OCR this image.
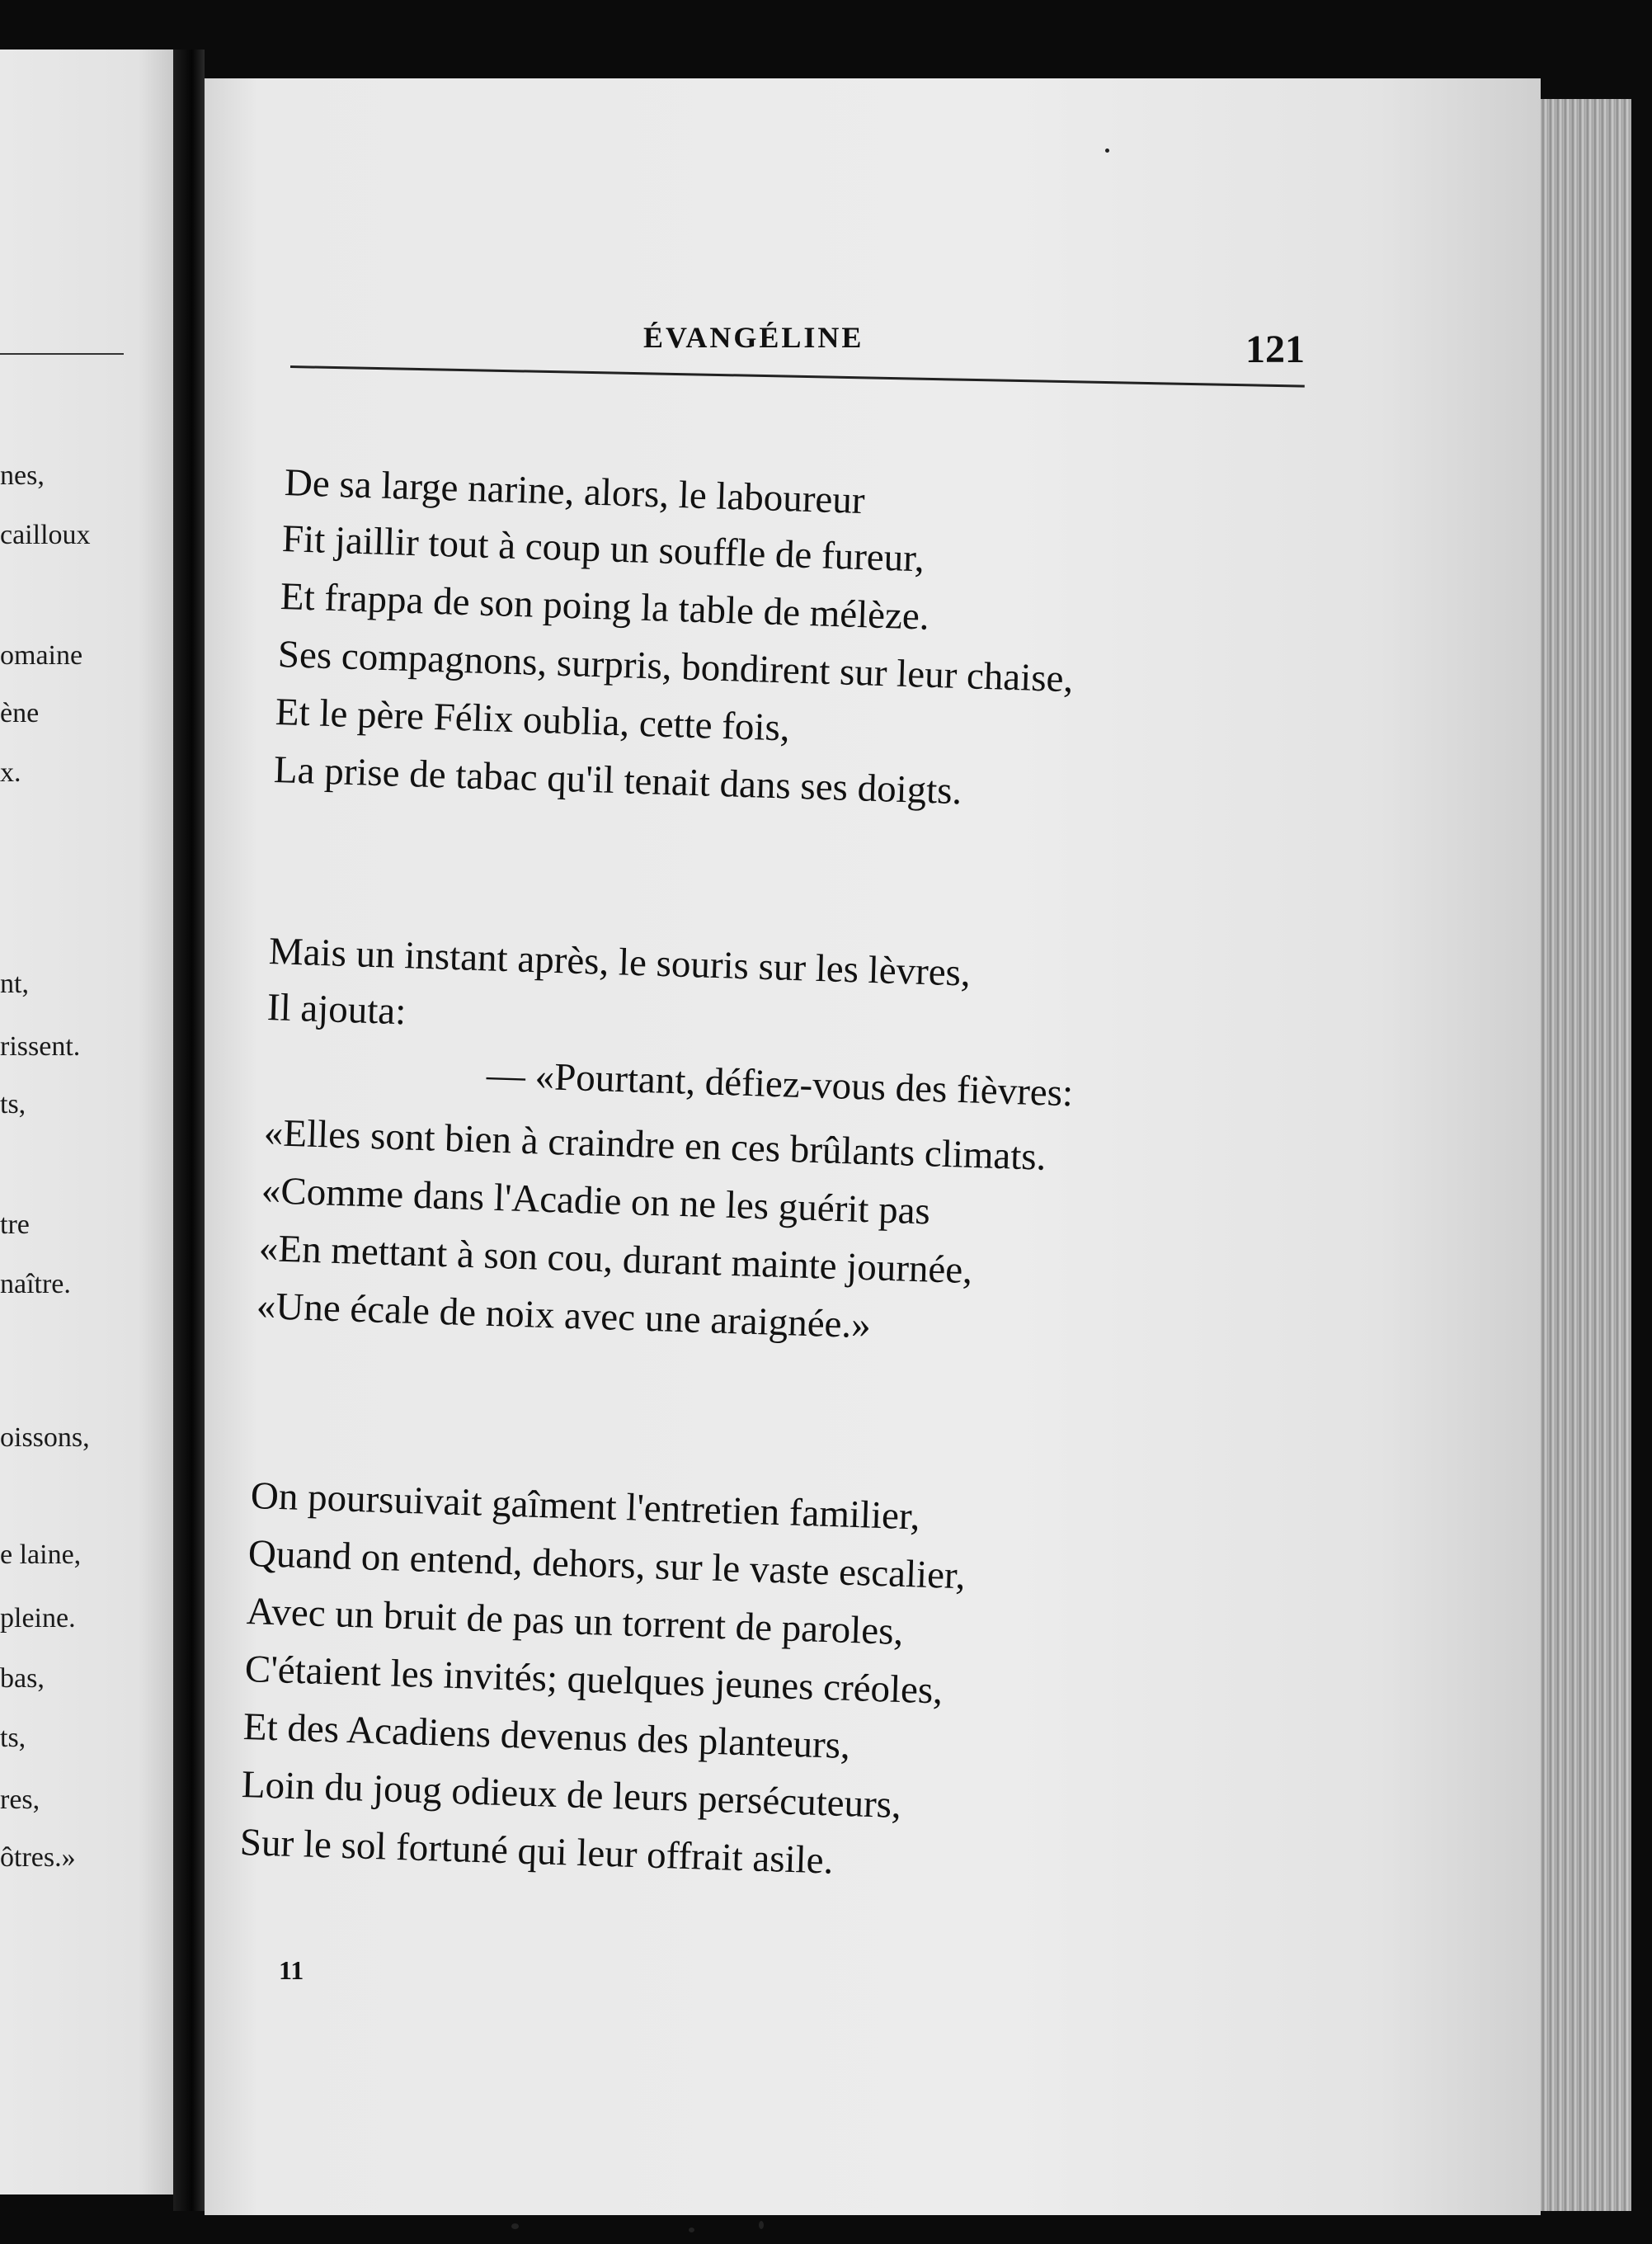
nes,
cailloux
omaine
ène
x.
nt,
rissent.
ts,
tre
naître.
oissons,
e laine,
pleine.
bas,
ts,
res,
ôtres.»
ÉVANGÉLINE	121
De sa large narine, alors, le laboureur
Fit jaillir tout à coup un souffle de fureur,
Et frappa de son poing la table de mélèze.
Ses compagnons, surpris, bondirent sur leur chaise,
Et le père Félix oublia, cette fois,
La prise de tabac qu'il tenait dans ses doigts.
Mais un instant après, le souris sur les lèvres,
Il ajouta:
— «Pourtant, défiez-vous des fièvres:
«Elles sont bien à craindre en ces brûlants climats.
«Comme dans l'Acadie on ne les guérit pas
«En mettant à son cou, durant mainte journée,
«Une écale de noix avec une araignée.»
On poursuivait gaîment l'entretien familier,
Quand on entend, dehors, sur le vaste escalier,
Avec un bruit de pas un torrent de paroles,
C'étaient les invités; quelques jeunes créoles,
Et des Acadiens devenus des planteurs,
Loin du joug odieux de leurs persécuteurs,
Sur le sol fortuné qui leur offrait asile.
11
